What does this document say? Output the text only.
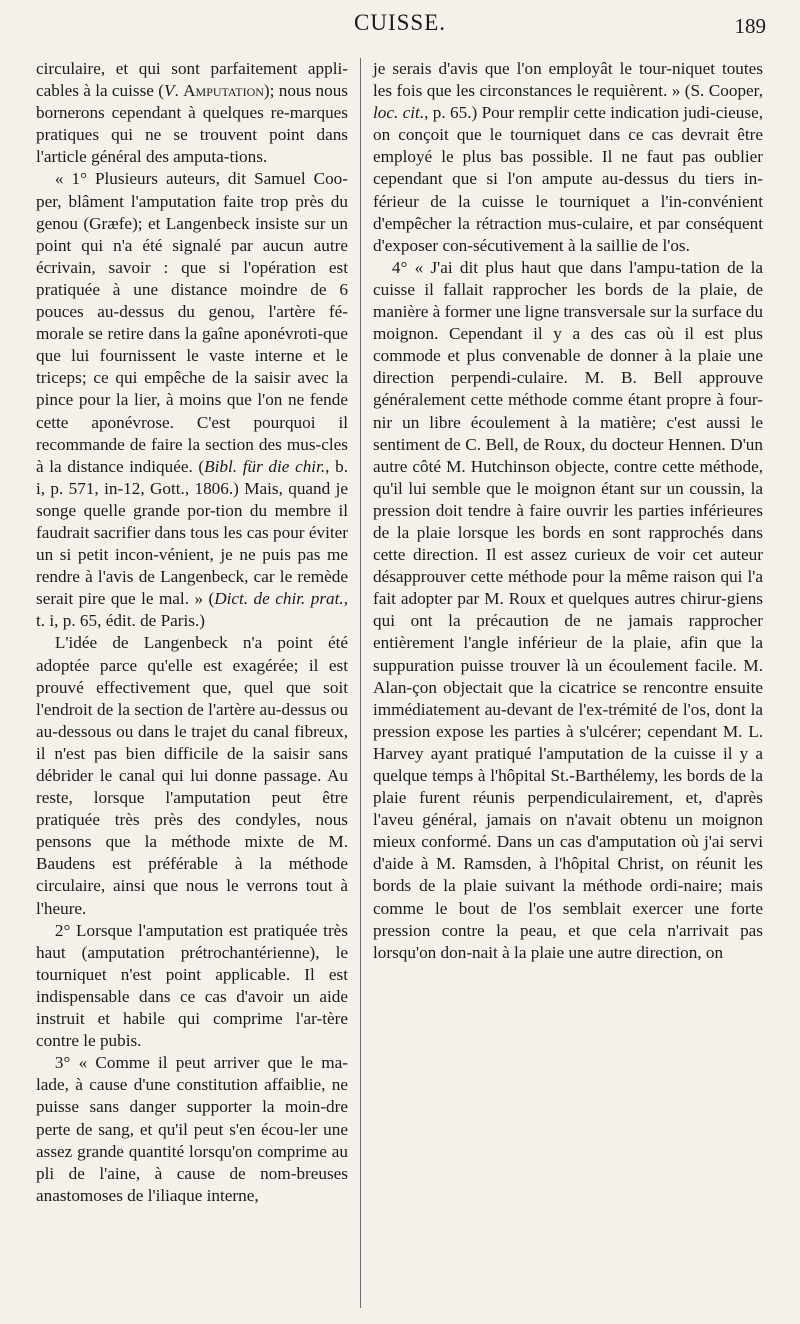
CUISSE.	189

circulaire, et qui sont parfaitement appli-cables à la cuisse (V. Amputation); nous nous bornerons cependant à quelques re-marques pratiques qui ne se trouvent point dans l'article général des amputa-tions.

« 1° Plusieurs auteurs, dit Samuel Coo-per, blâment l'amputation faite trop près du genou (Græfe); et Langenbeck insiste sur un point qui n'a été signalé par aucun autre écrivain, savoir : que si l'opération est pratiquée à une distance moindre de 6 pouces au-dessus du genou, l'artère fé-morale se retire dans la gaîne aponévroti-que que lui fournissent le vaste interne et le triceps; ce qui empêche de la saisir avec la pince pour la lier, à moins que l'on ne fende cette aponévrose. C'est pourquoi il recommande de faire la section des mus-cles à la distance indiquée. (Bibl. für die chir., b. i, p. 571, in-12, Gott., 1806.) Mais, quand je songe quelle grande por-tion du membre il faudrait sacrifier dans tous les cas pour éviter un si petit incon-vénient, je ne puis pas me rendre à l'avis de Langenbeck, car le remède serait pire que le mal. » (Dict. de chir. prat., t. i, p. 65, édit. de Paris.)

L'idée de Langenbeck n'a point été adoptée parce qu'elle est exagérée; il est prouvé effectivement que, quel que soit l'endroit de la section de l'artère au-dessus ou au-dessous ou dans le trajet du canal fibreux, il n'est pas bien difficile de la saisir sans débrider le canal qui lui donne passage. Au reste, lorsque l'amputation peut être pratiquée très près des condyles, nous pensons que la méthode mixte de M. Baudens est préférable à la méthode circulaire, ainsi que nous le verrons tout à l'heure.

2° Lorsque l'amputation est pratiquée très haut (amputation prétrochantérienne), le tourniquet n'est point applicable. Il est indispensable dans ce cas d'avoir un aide instruit et habile qui comprime l'ar-tère contre le pubis.

3° « Comme il peut arriver que le ma-lade, à cause d'une constitution affaiblie, ne puisse sans danger supporter la moin-dre perte de sang, et qu'il peut s'en écou-ler une assez grande quantité lorsqu'on comprime au pli de l'aine, à cause de nom-breuses anastomoses de l'iliaque interne,

je serais d'avis que l'on employât le tour-niquet toutes les fois que les circonstances le requièrent. » (S. Cooper, loc. cit., p. 65.) Pour remplir cette indication judi-cieuse, on conçoit que le tourniquet dans ce cas devrait être employé le plus bas possible. Il ne faut pas oublier cependant que si l'on ampute au-dessus du tiers in-férieur de la cuisse le tourniquet a l'in-convénient d'empêcher la rétraction mus-culaire, et par conséquent d'exposer con-sécutivement à la saillie de l'os.

4° « J'ai dit plus haut que dans l'ampu-tation de la cuisse il fallait rapprocher les bords de la plaie, de manière à former une ligne transversale sur la surface du moignon. Cependant il y a des cas où il est plus commode et plus convenable de donner à la plaie une direction perpendi-culaire. M. B. Bell approuve généralement cette méthode comme étant propre à four-nir un libre écoulement à la matière; c'est aussi le sentiment de C. Bell, de Roux, du docteur Hennen. D'un autre côté M. Hutchinson objecte, contre cette méthode, qu'il lui semble que le moignon étant sur un coussin, la pression doit tendre à faire ouvrir les parties inférieures de la plaie lorsque les bords en sont rapprochés dans cette direction. Il est assez curieux de voir cet auteur désapprouver cette méthode pour la même raison qui l'a fait adopter par M. Roux et quelques autres chirur-giens qui ont la précaution de ne jamais rapprocher entièrement l'angle inférieur de la plaie, afin que la suppuration puisse trouver là un écoulement facile. M. Alan-çon objectait que la cicatrice se rencontre ensuite immédiatement au-devant de l'ex-trémité de l'os, dont la pression expose les parties à s'ulcérer; cependant M. L. Harvey ayant pratiqué l'amputation de la cuisse il y a quelque temps à l'hôpital St.-Barthélemy, les bords de la plaie furent réunis perpendiculairement, et, d'après l'aveu général, jamais on n'avait obtenu un moignon mieux conformé. Dans un cas d'amputation où j'ai servi d'aide à M. Ramsden, à l'hôpital Christ, on réunit les bords de la plaie suivant la méthode ordi-naire; mais comme le bout de l'os semblait exercer une forte pression contre la peau, et que cela n'arrivait pas lorsqu'on don-nait à la plaie une autre direction, on
